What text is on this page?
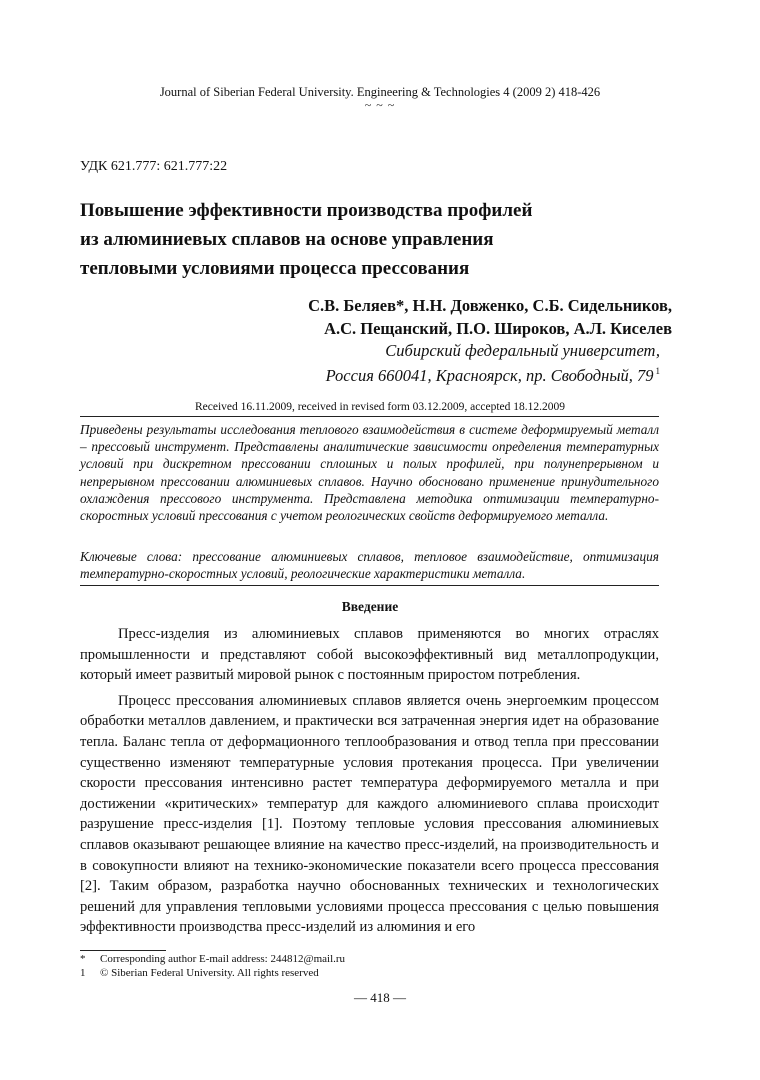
Journal of Siberian Federal University. Engineering & Technologies 4 (2009 2) 418-426
~ ~ ~
УДК 621.777: 621.777:22
Повышение эффективности производства профилей
из алюминиевых сплавов на основе управления
тепловыми условиями процесса прессования
С.В. Беляев*, Н.Н. Довженко, С.Б. Сидельников,
А.С. Пещанский, П.О. Широков, А.Л. Киселев
Сибирский федеральный университет,
Россия 660041, Красноярск, пр. Свободный, 79 $^1$
Received 16.11.2009, received in revised form 03.12.2009, accepted 18.12.2009
Приведены результаты исследования теплового взаимодействия в системе деформируемый металл – прессовый инструмент. Представлены аналитические зависимости определения температурных условий при дискретном прессовании сплошных и полых профилей, при полунепрерывном и непрерывном прессовании алюминиевых сплавов. Научно обосновано применение принудительного охлаждения прессового инструмента. Представлена методика оптимизации температурно-скоростных условий прессования с учетом реологических свойств деформируемого металла.
Ключевые слова: прессование алюминиевых сплавов, тепловое взаимодействие, оптимизация температурно-скоростных условий, реологические характеристики металла.
Введение

Пресс-изделия из алюминиевых сплавов применяются во многих отраслях промышленности и представляют собой высокоэффективный вид металлопродукции, который имеет развитый мировой рынок с постоянным приростом потребления.

Процесс прессования алюминиевых сплавов является очень энергоемким процессом обработки металлов давлением, и практически вся затраченная энергия идет на образование тепла. Баланс тепла от деформационного теплообразования и отвод тепла при прессовании существенно изменяют температурные условия протекания процесса. При увеличении скорости прессования интенсивно растет температура деформируемого металла и при достижении «критических» температур для каждого алюминиевого сплава происходит разрушение пресс-изделия [1]. Поэтому тепловые условия прессования алюминиевых сплавов оказывают решающее влияние на качество пресс-изделий, на производительность и в совокупности влияют на технико-экономические показатели всего процесса прессования [2]. Таким образом, разработка научно обоснованных технических и технологических решений для управления тепловыми условиями процесса прессования с целью повышения эффективности производства пресс-изделий из алюминия и его

*	Corresponding author E-mail address: 244812@mail.ru
1	© Siberian Federal University. All rights reserved
— 418 —
